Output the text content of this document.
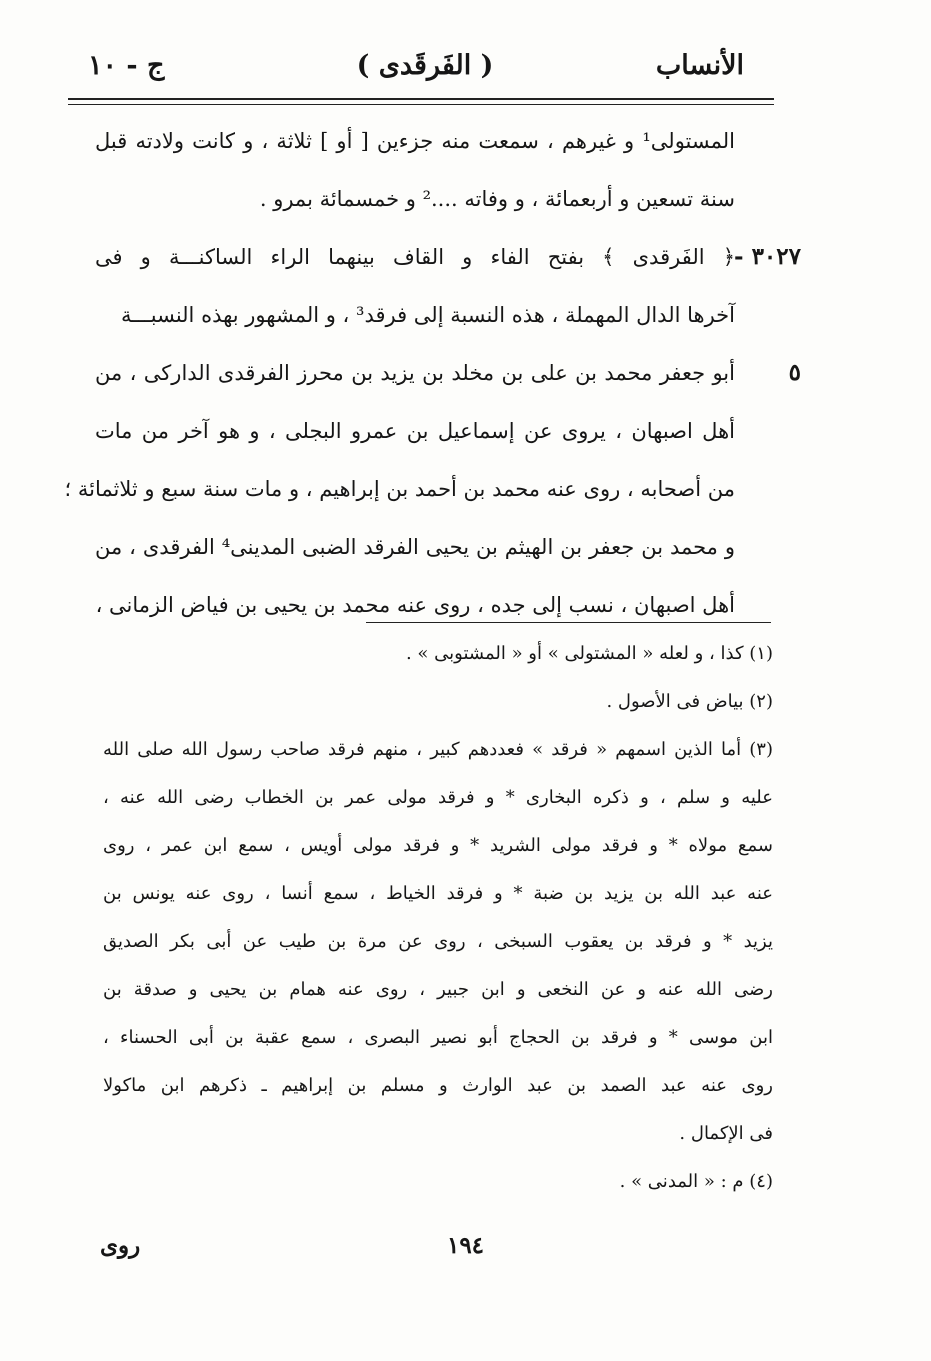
الأنساب
( الفَرقَدى )
ج - ١٠
المستولى¹ و غيرهم ، سمعت منه جزءين [ أو ] ثلاثة ، و كانت ولادته قبل
سنة تسعين و أربعمائة ، و وفاته ....² و خمسمائة بمرو .
﴿ الفَرقدى ﴾ بفتح الفاء و القاف بينهما الراء الساكنـــة و فى
آخرها الدال المهملة ، هذه النسبة إلى فرقد³ ، و المشهور بهذه النسبـــة
أبو جعفر محمد بن على بن مخلد بن يزيد بن محرز الفرقدى الداركى ، من
أهل اصبهان ، يروى عن إسماعيل بن عمرو البجلى ، و هو آخر من مات
من أصحابه ، روى عنه محمد بن أحمد بن إبراهيم ، و مات سنة سبع و ثلاثمائة ؛
و محمد بن جعفر بن الهيثم بن يحيى الفرقد الضبى المدينى⁴ الفرقدى ، من
أهل اصبهان ، نسب إلى جده ، روى عنه محمد بن يحيى بن فياض الزمانى ،
٣٠٢٧ -
٥
(١) كذا ، و لعله « المشتولى » أو « المشتوبى » .
(٢) بياض فى الأصول .
(٣) أما الذين اسمهم « فرقد » فعددهم كبير ، منهم فرقد صاحب رسول الله صلى الله
عليه و سلم ، و ذكره البخارى * و فرقد مولى عمر بن الخطاب رضى الله عنه ،
سمع مولاه * و فرقد مولى الشريد * و فرقد مولى أويس ، سمع ابن عمر ، روى
عنه عبد الله بن يزيد بن ضبة * و فرقد الخياط ، سمع أنسا ، روى عنه يونس بن
يزيد * و فرقد بن يعقوب السبخى ، روى عن مرة بن طيب عن أبى بكر الصديق
رضى الله عنه و عن النخعى و ابن جبير ، روى عنه همام بن يحيى و صدقة بن
ابن موسى * و فرقد بن الحجاج أبو نصير البصرى ، سمع عقبة بن أبى الحسناء ،
روى عنه عبد الصمد بن عبد الوارث و مسلم بن إبراهيم ـ ذكرهم ابن ماكولا
فى الإكمال .
(٤) م : « المدنى » .
١٩٤
روى
